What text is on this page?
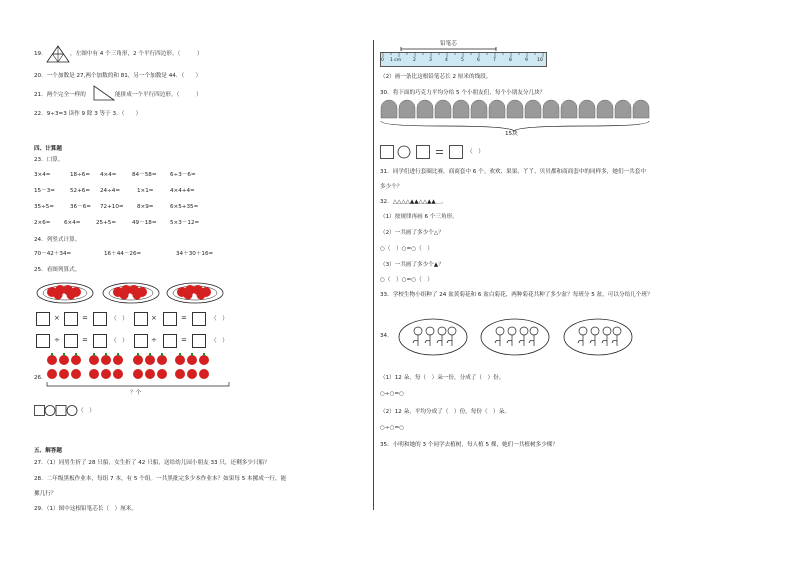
19.	，左图中有 4 个三角形，2 个平行四边形。（　　　）
20．一个加数是 27,两个加数的和 81，另一个加数是 44．（　　）
21．两个完全一样的	能拼成一个平行四边形。（　　　）
22．9÷3=3 读作 9 除 3 等于 3．（　　）
四、计算题
23．口算。
3×4=	18÷6= 4×4=	84－58= 6÷3－6=
15－3=	52+6= 24÷4=	1×1=	4×4+4=
35÷5=	36－6= 72+10= 8×9=	6×5+35=
2×6= 6×4=	25+5=	49－18= 5×3－12=
24．列竖式计算。
70－42＋34=	16＋44－26=	34＋30＋16=
25．看图列算式。
×	=	（　）	×	=	（　）
÷	=	（　）	÷	=	（　）
26.
？个
（　）
五、解答题
27．（1）同男生折了 28 只船，女生折了 42 只船，送给幼儿园小朋友 33 只，还剩多少只船？
28．二年级黑板作业本，每组 7 本，有 5 个组。一共黑批完多少本作业本？如果每 5 本摞成一行，能
摞几行？
29．（1）图中这根铅笔芯长（　）厘米。
铅笔芯
0 1 cm	2	3	4	5	6	7	8	9 10
（2）画一条比这根铅笔芯长 2 厘米的线段。
30．将下面的巧克力平均分给 5 个小朋友们，每个小朋友分几块？
15块
（　）
31．同学们进行套圈比赛，商商套中 6 个。欢欢、果果、丫丫、贝贝都和商商套中的同样多，她们一共套中
多少个？
32．△△△△▲▲△△▲▲＿。
（1）按规律再画 6 个三角形。
（2）一共画了多少个△？
○（　）○=○（　）
（3）一共画了多少个▲？
○（　）○=○（　）
33．学校生物小组种了 24 盆黄菊花和 6 盆白菊花，两种菊花共种了多少盆？每班分 5 盆，可以分给几个班？
34.
（1）12 朵，每（　）朵一份，分成了（　）份。
○÷○=○
（2）12 朵，平均分成了（　）份，每份（　）朵。
○÷○=○
35．小明和她的 3 个同学去植树，每人植 5 棵，她们一共植树多少棵？
